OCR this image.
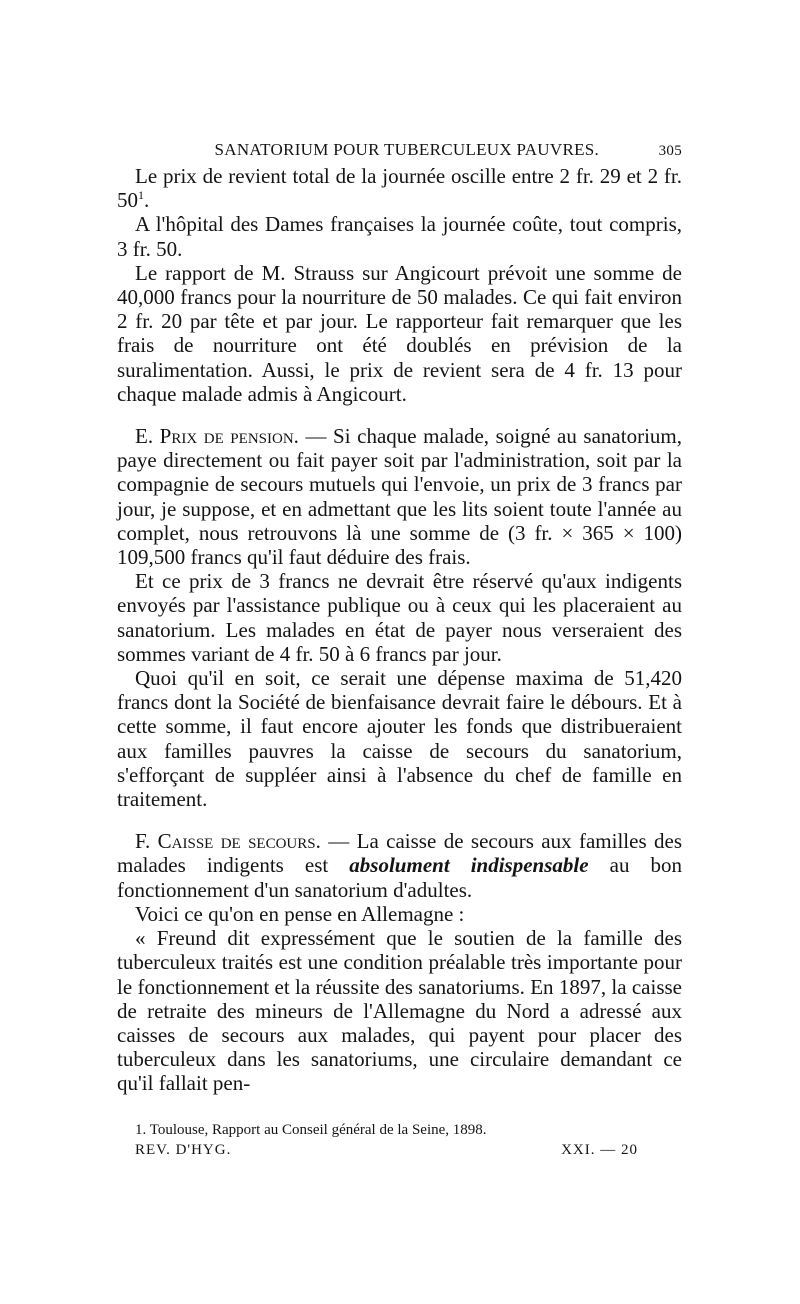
SANATORIUM POUR TUBERCULEUX PAUVRES.	305

Le prix de revient total de la journée oscille entre 2 fr. 29 et 2 fr. $50^1$.

A l'hôpital des Dames françaises la journée coûte, tout compris, 3 fr. 50.

Le rapport de M. Strauss sur Angicourt prévoit une somme de 40,000 francs pour la nourriture de 50 malades. Ce qui fait environ 2 fr. 20 par tête et par jour. Le rapporteur fait remarquer que les frais de nourriture ont été doublés en prévision de la suralimentation. Aussi, le prix de revient sera de 4 fr. 13 pour chaque malade admis à Angicourt.

E. Prix de pension. — Si chaque malade, soigné au sanatorium, paye directement ou fait payer soit par l'administration, soit par la compagnie de secours mutuels qui l'envoie, un prix de 3 francs par jour, je suppose, et en admettant que les lits soient toute l'année au complet, nous retrouvons là une somme de (3 fr. × 365 × 100) 109,500 francs qu'il faut déduire des frais.

Et ce prix de 3 francs ne devrait être réservé qu'aux indigents envoyés par l'assistance publique ou à ceux qui les placeraient au sanatorium. Les malades en état de payer nous verseraient des sommes variant de 4 fr. 50 à 6 francs par jour.

Quoi qu'il en soit, ce serait une dépense maxima de 51,420 francs dont la Société de bienfaisance devrait faire le débours. Et à cette somme, il faut encore ajouter les fonds que distribueraient aux familles pauvres la caisse de secours du sanatorium, s'efforçant de suppléer ainsi à l'absence du chef de famille en traitement.

F. Caisse de secours. — La caisse de secours aux familles des malades indigents est absolument indispensable au bon fonctionnement d'un sanatorium d'adultes.

Voici ce qu'on en pense en Allemagne :

« Freund dit expressément que le soutien de la famille des tuberculeux traités est une condition préalable très importante pour le fonctionnement et la réussite des sanatoriums. En 1897, la caisse de retraite des mineurs de l'Allemagne du Nord a adressé aux caisses de secours aux malades, qui payent pour placer des tuberculeux dans les sanatoriums, une circulaire demandant ce qu'il fallait pen-

1. Toulouse, Rapport au Conseil général de la Seine, 1898.

REV. D'HYG.	XXI. — 20
